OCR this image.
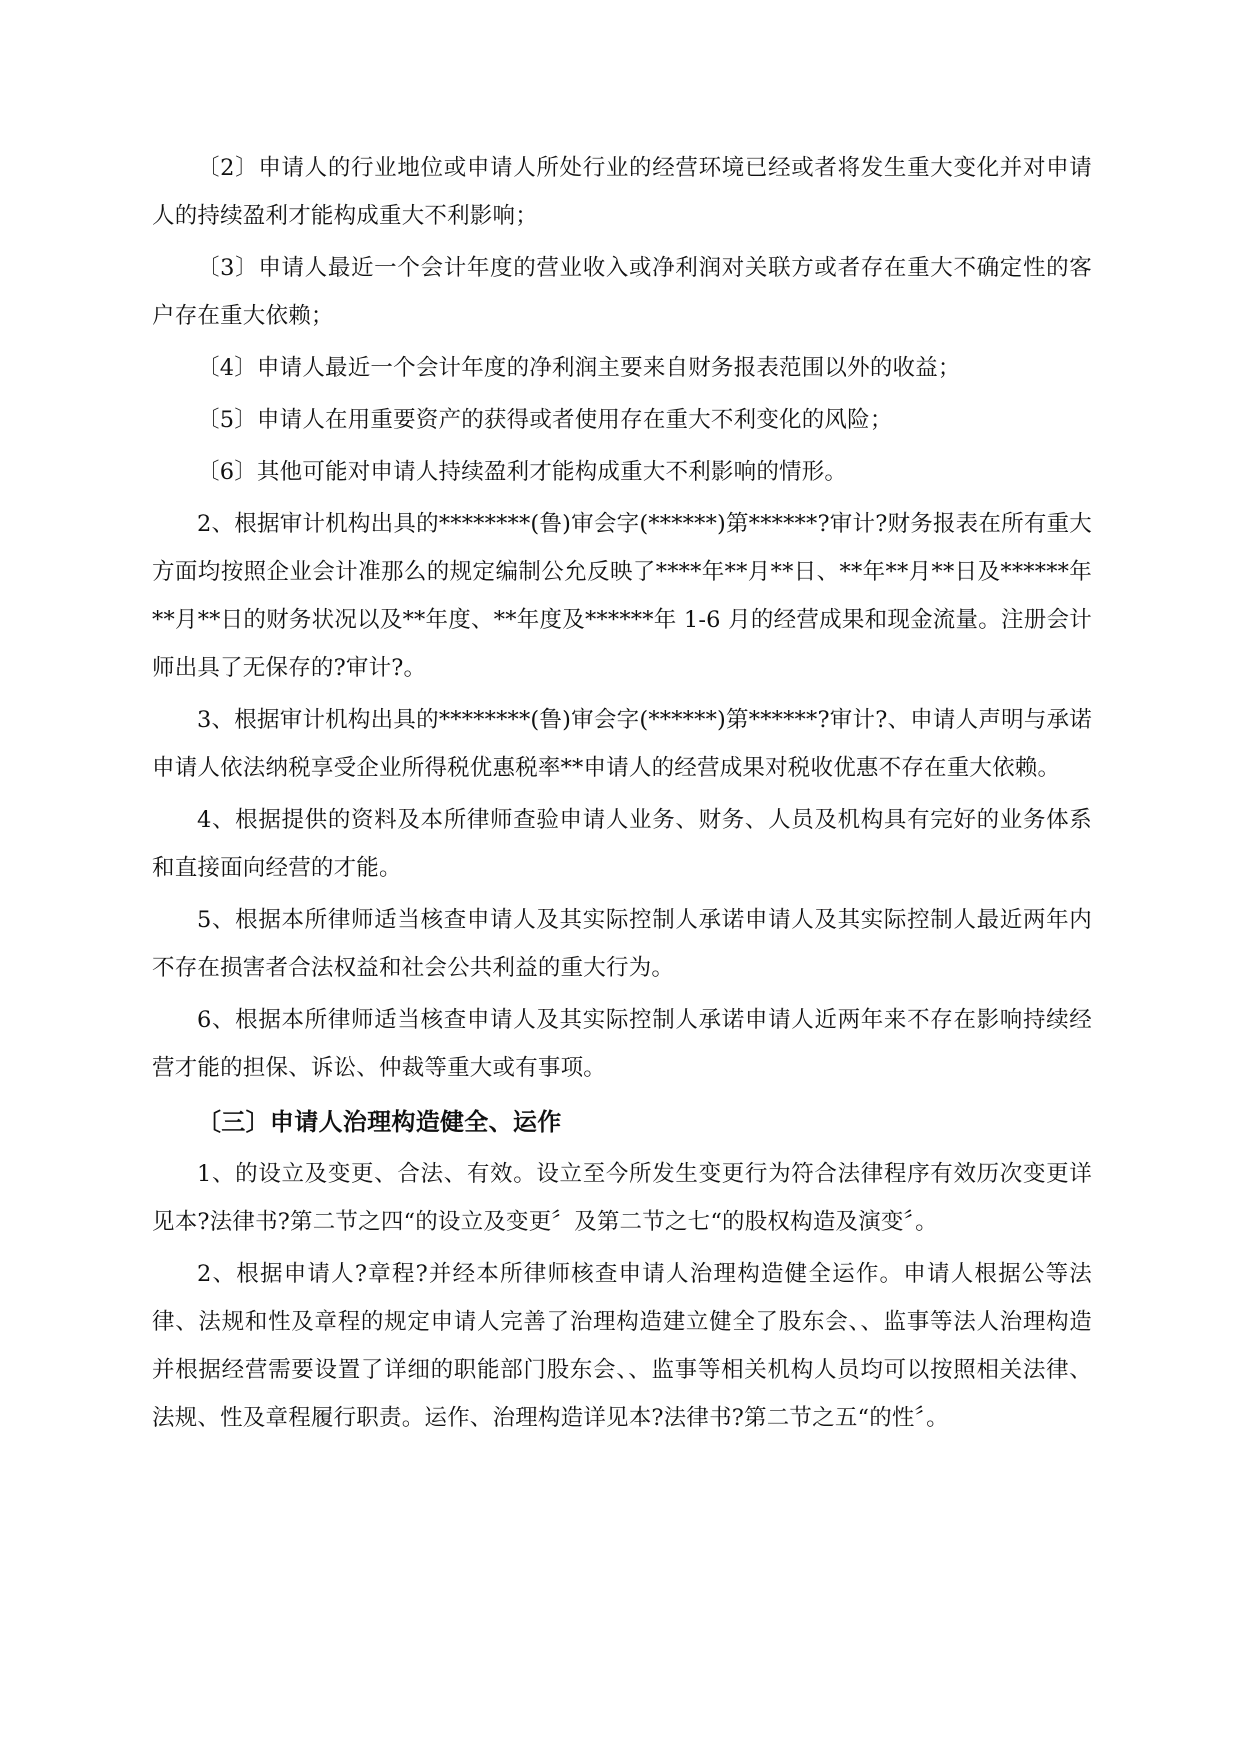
〔2〕申请人的行业地位或申请人所处行业的经营环境已经或者将发生重大变化并对申请人的持续盈利才能构成重大不利影响；

〔3〕申请人最近一个会计年度的营业收入或净利润对关联方或者存在重大不确定性的客户存在重大依赖；

〔4〕申请人最近一个会计年度的净利润主要来自财务报表范围以外的收益；

〔5〕申请人在用重要资产的获得或者使用存在重大不利变化的风险；

〔6〕其他可能对申请人持续盈利才能构成重大不利影响的情形。

2、根据审计机构出具的********(鲁)审会字(******)第******?审计?财务报表在所有重大方面均按照企业会计准那么的规定编制公允反映了****年**月**日、**年**月**日及******年**月**日的财务状况以及**年度、**年度及******年 1-6 月的经营成果和现金流量。注册会计师出具了无保存的?审计?。

3、根据审计机构出具的********(鲁)审会字(******)第******?审计?、申请人声明与承诺申请人依法纳税享受企业所得税优惠税率**申请人的经营成果对税收优惠不存在重大依赖。

4、根据提供的资料及本所律师查验申请人业务、财务、人员及机构具有完好的业务体系和直接面向经营的才能。

5、根据本所律师适当核查申请人及其实际控制人承诺申请人及其实际控制人最近两年内不存在损害者合法权益和社会公共利益的重大行为。

6、根据本所律师适当核查申请人及其实际控制人承诺申请人近两年来不存在影响持续经营才能的担保、诉讼、仲裁等重大或有事项。

〔三〕申请人治理构造健全、运作

1、的设立及变更、合法、有效。设立至今所发生变更行为符合法律程序有效历次变更详见本?法律书?第二节之四“的设立及变更〞及第二节之七“的股权构造及演变〞。

2、根据申请人?章程?并经本所律师核查申请人治理构造健全运作。申请人根据公等法律、法规和性及章程的规定申请人完善了治理构造建立健全了股东会、、监事等法人治理构造并根据经营需要设置了详细的职能部门股东会、、监事等相关机构人员均可以按照相关法律、法规、性及章程履行职责。运作、治理构造详见本?法律书?第二节之五“的性〞。
